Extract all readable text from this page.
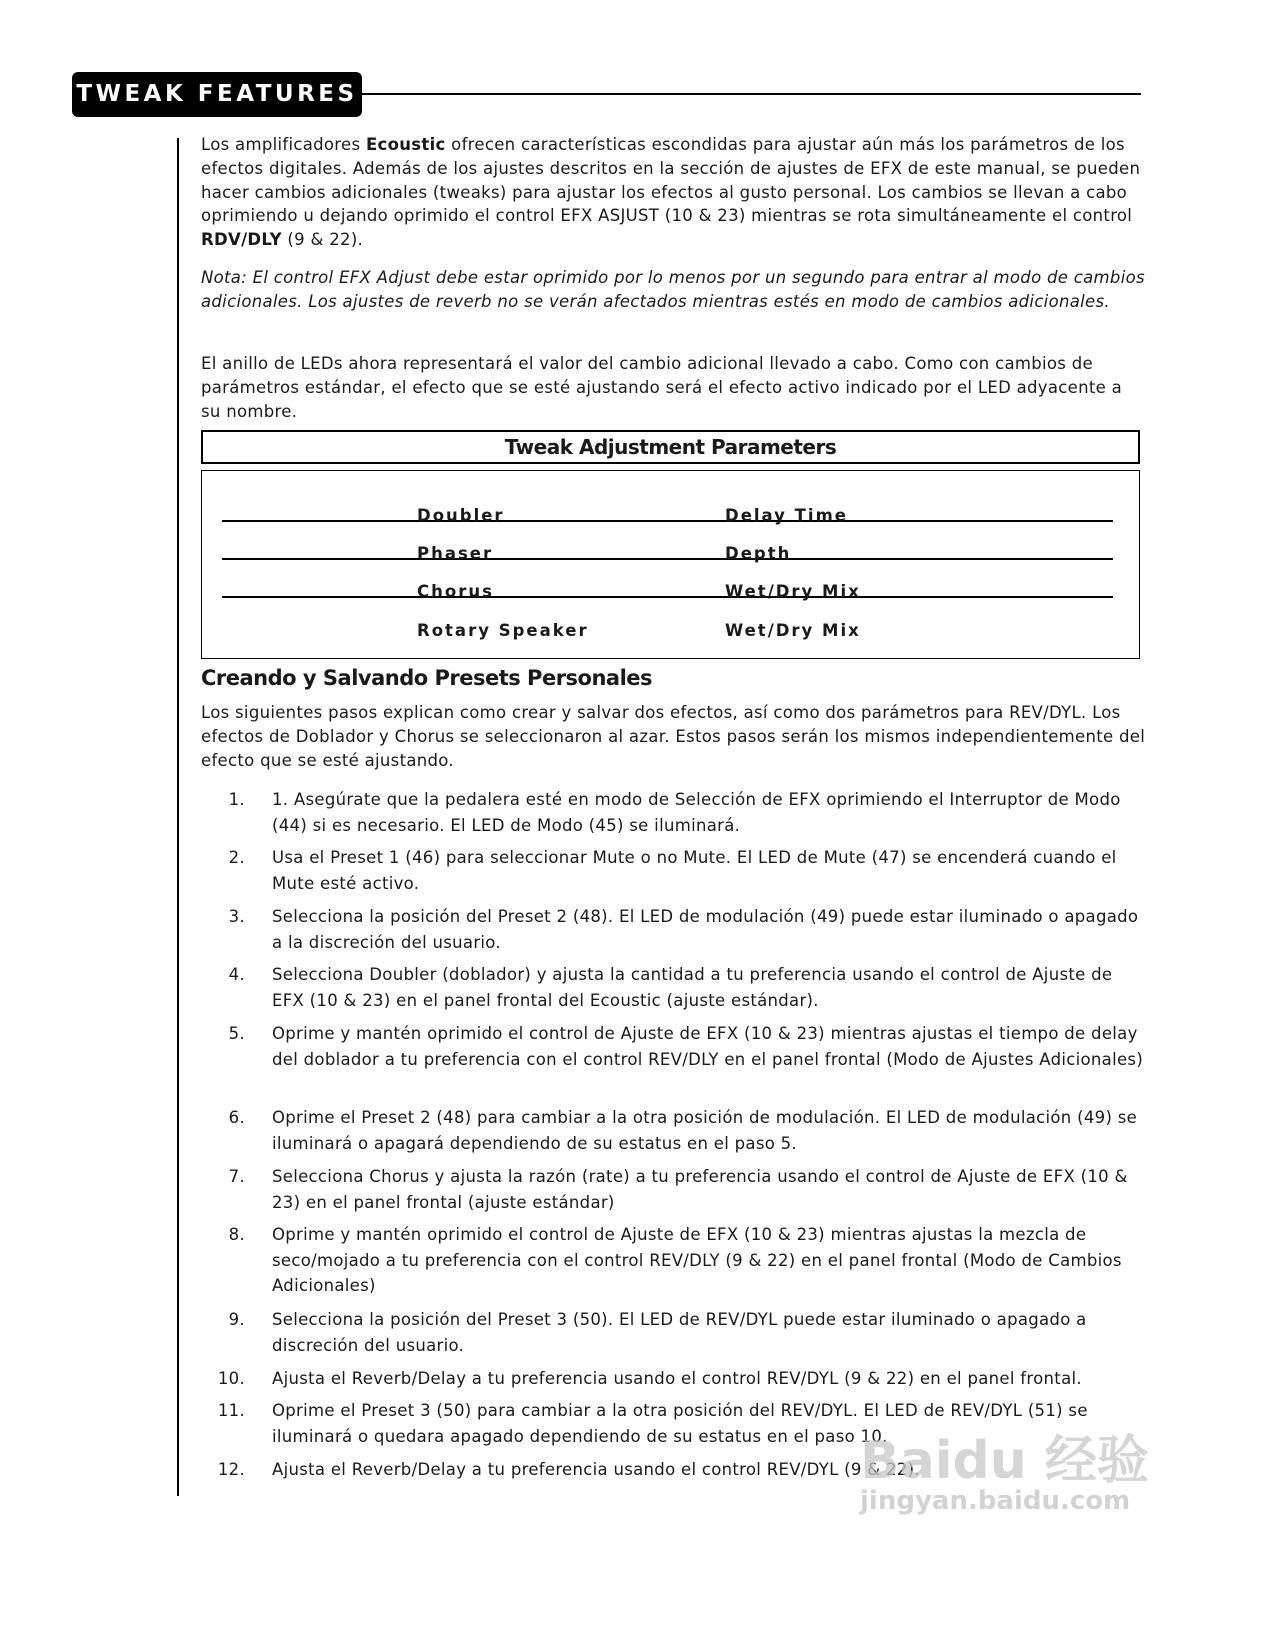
TWEAK FEATURES

Los amplificadores Ecoustic ofrecen características escondidas para ajustar aún más los parámetros de los efectos digitales. Además de los ajustes descritos en la sección de ajustes de EFX de este manual, se pueden hacer cambios adicionales (tweaks) para ajustar los efectos al gusto personal. Los cambios se llevan a cabo oprimiendo u dejando oprimido el control EFX ASJUST (10 & 23) mientras se rota simultáneamente el control RDV/DLY (9 & 22).

Nota: El control EFX Adjust debe estar oprimido por lo menos por un segundo para entrar al modo de cambios adicionales. Los ajustes de reverb no se verán afectados mientras estés en modo de cambios adicionales.

El anillo de LEDs ahora representará el valor del cambio adicional llevado a cabo. Como con cambios de parámetros estándar, el efecto que se esté ajustando será el efecto activo indicado por el LED adyacente a su nombre.

Tweak Adjustment Parameters
Doubler	Delay Time
Phaser	Depth
Chorus	Wet/Dry Mix
Rotary Speaker	Wet/Dry Mix
Creando y Salvando Presets Personales

Los siguientes pasos explican como crear y salvar dos efectos, así como dos parámetros para REV/DYL. Los efectos de Doblador y Chorus se seleccionaron al azar. Estos pasos serán los mismos independientemente del efecto que se esté ajustando.

1. 1. Asegúrate que la pedalera esté en modo de Selección de EFX oprimiendo el Interruptor de Modo (44) si es necesario. El LED de Modo (45) se iluminará.
2. Usa el Preset 1 (46) para seleccionar Mute o no Mute. El LED de Mute (47) se encenderá cuando el Mute esté activo.
3. Selecciona la posición del Preset 2 (48). El LED de modulación (49) puede estar iluminado o apagado a la discreción del usuario.
4. Selecciona Doubler (doblador) y ajusta la cantidad a tu preferencia usando el control de Ajuste de EFX (10 & 23) en el panel frontal del Ecoustic (ajuste estándar).
5. Oprime y mantén oprimido el control de Ajuste de EFX (10 & 23) mientras ajustas el tiempo de delay del doblador a tu preferencia con el control REV/DLY en el panel frontal (Modo de Ajustes Adicionales)
6. Oprime el Preset 2 (48) para cambiar a la otra posición de modulación. El LED de modulación (49) se iluminará o apagará dependiendo de su estatus en el paso 5.
7. Selecciona Chorus y ajusta la razón (rate) a tu preferencia usando el control de Ajuste de EFX (10 & 23) en el panel frontal (ajuste estándar)
8. Oprime y mantén oprimido el control de Ajuste de EFX (10 & 23) mientras ajustas la mezcla de seco/mojado a tu preferencia con el control REV/DLY (9 & 22) en el panel frontal (Modo de Cambios Adicionales)
9. Selecciona la posición del Preset 3 (50). El LED de REV/DYL puede estar iluminado o apagado a discreción del usuario.
10. Ajusta el Reverb/Delay a tu preferencia usando el control REV/DYL (9 & 22) en el panel frontal.
11. Oprime el Preset 3 (50) para cambiar a la otra posición del REV/DYL. El LED de REV/DYL (51) se iluminará o quedara apagado dependiendo de su estatus en el paso 10.
12. Ajusta el Reverb/Delay a tu preferencia usando el control REV/DYL (9 & 22).
Baidu 经验
jingyan.baidu.com
